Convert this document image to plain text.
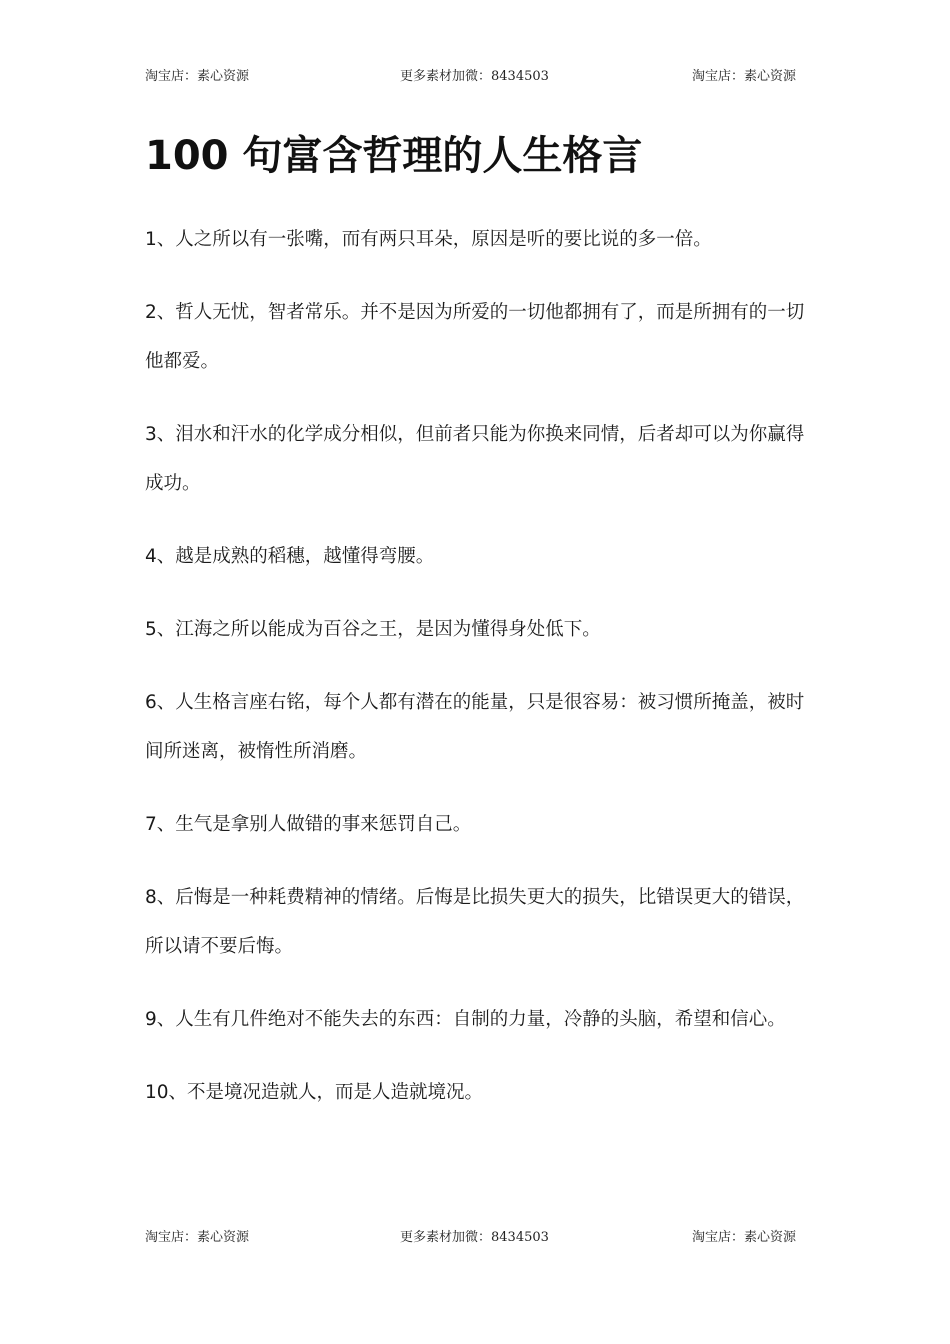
淘宝店：素心资源	更多素材加微：8434503	淘宝店：素心资源
100 句富含哲理的人生格言
1、人之所以有一张嘴，而有两只耳朵，原因是听的要比说的多一倍。
2、哲人无忧，智者常乐。并不是因为所爱的一切他都拥有了，而是所拥有的一切他都爱。
3、泪水和汗水的化学成分相似，但前者只能为你换来同情，后者却可以为你赢得成功。
4、越是成熟的稻穗，越懂得弯腰。
5、江海之所以能成为百谷之王，是因为懂得身处低下。
6、人生格言座右铭，每个人都有潜在的能量，只是很容易：被习惯所掩盖，被时间所迷离，被惰性所消磨。
7、生气是拿别人做错的事来惩罚自己。
8、后悔是一种耗费精神的情绪。后悔是比损失更大的损失，比错误更大的错误，所以请不要后悔。
9、人生有几件绝对不能失去的东西：自制的力量，冷静的头脑，希望和信心。
10、不是境况造就人，而是人造就境况。
淘宝店：素心资源	更多素材加微：8434503	淘宝店：素心资源
